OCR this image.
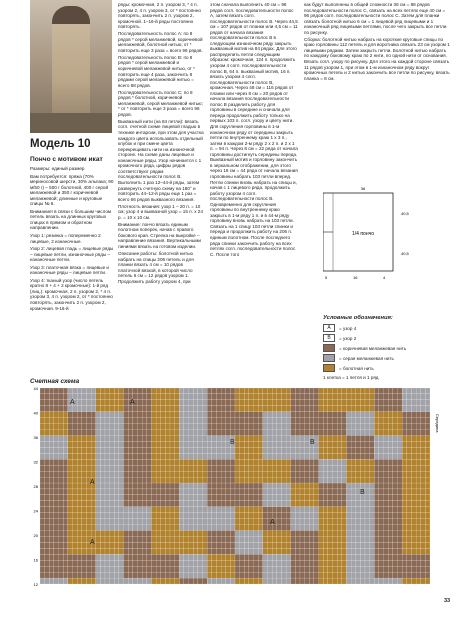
Модель 10
Пончо с мотивом икат

Размеры: единый размер

Вам потребуется: пряжа (70% мериносовой шерсти, 30% альпака; 90 м/50 г) – 500 г болотной, 400 г серой меланжевой и 350 г коричневой меланжевой; длинные и круговые спицы № 6.

Внимание! в связи с большим числом петель вязать на длинных круговых спицах в прямом и обратном направлении.

Узор 1: резинка = попеременно 2 лицевые, 2 изнаночные.

Узор 2: лицевая гладь = лицевые ряды – лицевые петли, изнаночные ряды – изнаночные петли.

Узор 3: платочная вязка = лицевые и изнаночные ряды – лицевые петли.

Узор 4: тканый узор (число петель кратно 8 + 4 + 2 кромочные): 1-й ряд (лиц.): кромочная, 2 п. узором 2, * 4 п. узором 3, 4 п. узором 2, от * постоянно повторять, закончить 2 п. узором 2, кромочная. 9-16-й

ряды: кромочная, 2 п. узором 3, * 4 п. узором 2, 4 п. узором 3, от * постоянно повторять, закончить 2 п. узором 2, кромочной. 1–16-й ряды постоянно повторять.

Последовательность полос А: по 8 рядов * серой меланжевой, коричневой меланжевой, болотной нитью; от * повторить еще 3 раза = всего 96 рядов.

Последовательность полос В: по 8 рядов * серой меланжевой и коричневой меланжевой нитью, от * повторить еще 4 раза, закончить 8 рядами серой меланжевой нитью = всего 88 рядов.

Последовательность полос С: по 8 рядов * болотной, коричневой меланжевой, серой меланжевой нитью; * от * повторить еще 3 раза = всего 96 рядов.

Выквазный нити (на 84 петли): вязать согл. счетной схеме лицевой гладью в технике интарсии, при этом для участка каждого цвета использовать отдельный клубок и при смене цвета перекрещивать нити на изнаночной стороне. На схеме даны лицевые и изнаночные ряды. Узор начинается с 1 кромочного ряда, цифры рядов соответствуют рядам последовательности полос В. Выполнить 1 раз 12–44-й ряды, затем развернуть счетную схему на 180° и повторить 44–12-й ряды еще 1 раз = всего 66 рядов выквазного вязания.

Плотность вязания: узор 1 – 20 п. = 10 см; узор 4 и выквазной узор = 15 п. х 24 р. = 10 х 10 см.

Внимание: пончо вязать единым полотном поперек, начав с правого бокового края. Стрелка на выкройке – направление вязания. Вертикальными линиями вязать на готовом изделии.

Описание работы: болотной нитью набрать на спицы 206 петель и для планки вязать 4 см = 10 рядов платочной вязкой, в которой число петель 6 см = 12 рядов узором 1. Продолжить работу узором 4, при

этом сначала выполнить 40 см = 96 рядов согл. последовательности полос А, затем вязать согл. последовательности полос В. Через 44,5 см = 107 рядов от планки или 4,5 см = 11 рядов от начала вязания последовательности полос В в следующем изнаночном ряду закрыть выквазный мотив на 84 рядах. Для этого распределить петли следующим образом: кромочная, 124 п. продолжить узором 4 согл. последовательности полос В, 64 п. выквазный мотив, 16 п. вязать узором 4 согл. последовательности полос В, кромочная. Через 48 см = 116 рядов от планки или через 8 см = 20 рядов от начала вязания последовательности полос В разделить работу для горловины в середине и сначала для переда продолжить работу только на первых 103 п. согл. узору и цвету нити. Для скругления горловины в 1-м изнаночном ряду от середины закрыть петли по внутреннему краю 1 х 3 п., затем в каждом 2-м ряду 2 х 2 п. и 2 х 1 п. = 94 п. Через 8 см = 22 ряда от начала горловины достигнуть середины переда. Выквазный мотив и горловину закончить в зеркальном отображении, для этого через 18 см = 44 ряда от начала вязания горловины набрать 103 петли вперед. Петли спинки вновь набрать на спицы и, начав с 1 лицевого ряда, продолжить работу узором 4 согл. последовательности полос В. Одновременно для скругления горловины по внутреннему краю закрыть в 1-м ряду 1 п. и в 44-м ряду горловину вновь набрать на 103 петли. Связать на 1 спицу 103 петли спинки и переда и продолжить работу на 206 п. единым полотном. После последнего ряда спинки закончить работу на всех петлях согл. последовательности полос С. После того

как будут выполнены в общей сложности 36 см = 88 рядов последовательности полос С, связать на всех петлях еще 40 см = 96 рядов согл. последовательности полос С. Затем для планки связать болотной нитью 6 см = 1 лицевой ряд лицевыми и 1 изнаночный ряд лицевыми петлями, после чего закрыть все петли по рисунку.

Сборка: болотной нитью набрать на короткие круговые спицы по краю горловины 112 петель и для воротника связать 23 см узором 1 лицевыми рядами. Затем закрыть петли. Болотной нитью набрать по каждому боковому краю по 2 нити, по одной нити от основания. Вязать согл. узору по рисунку. Для этого на каждой стороне связать 11 рядов узором 1, при этом в 1-м изнаночном ряду вокруг кромочных петель и 2 нитью закончить все петли по рисунку, вязать планка = 8 см.

1/4 пончо
36
40,5
40,5
5	16	4
Условные обозначения:
А	= узор 4
В	= узор 2
= коричневая меланжевая нить
= серая меланжевая нить
= болотная нить
1 клетка = 1 петля и 1 ряд
Счетная схема
44
40
36
32
28
24
20
16
12
A	A
B
A
B
A
A
B
Середина
33
